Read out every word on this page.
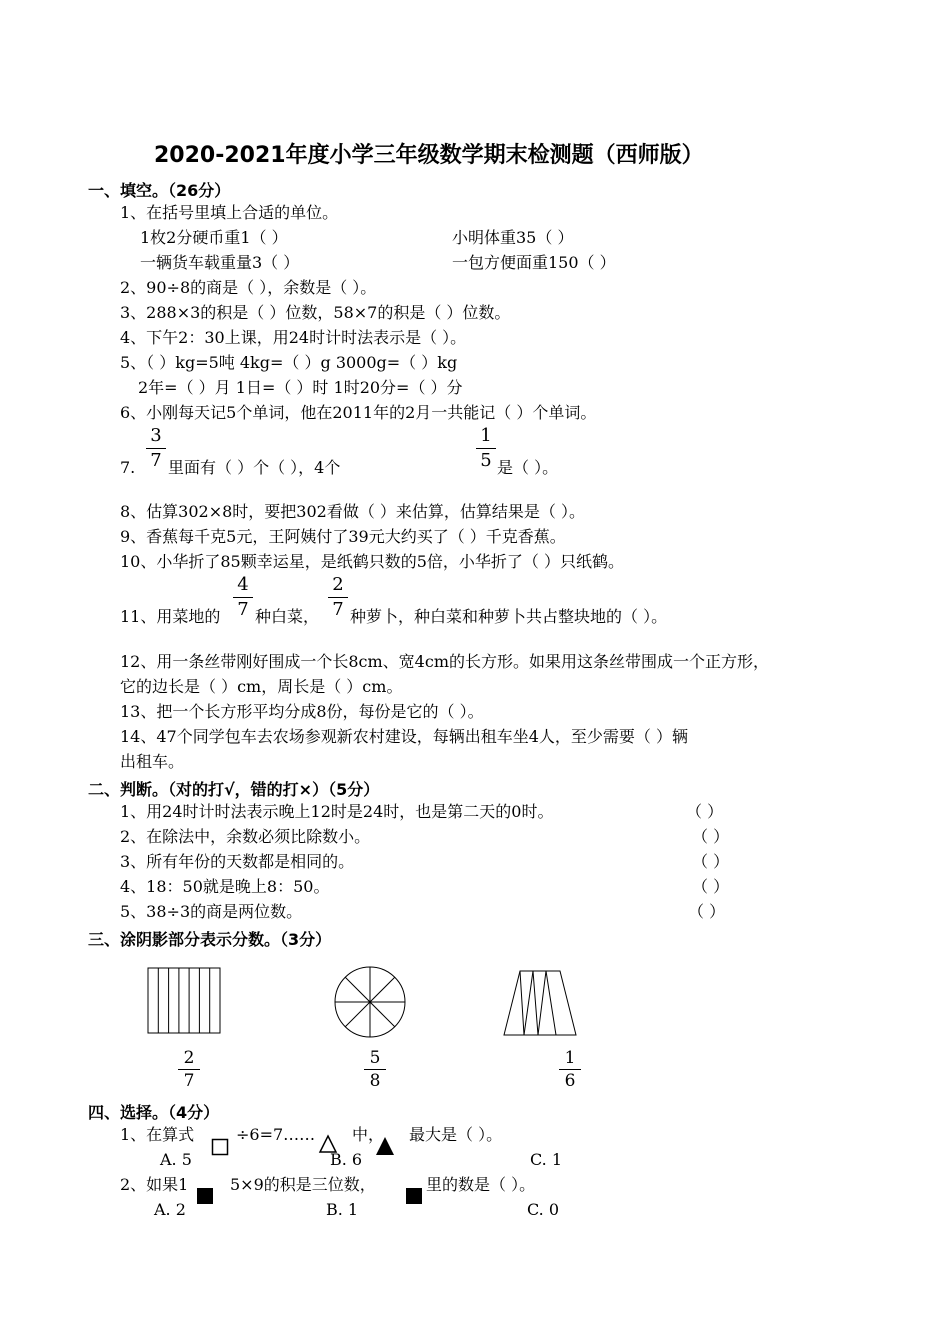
2020-2021年度小学三年级数学期末检测题（西师版）
一、填空。（26分）
1、在括号里填上合适的单位。
1枚2分硬币重1（ ）	小明体重35（ ）
一辆货车载重量3（ ）	一包方便面重150（ ）
2、90÷8的商是（ ），余数是（ ）。
3、288×3的积是（ ）位数，58×7的积是（ ）位数。
4、下午2：30上课，用24时计时法表示是（ ）。
5、（ ）kg=5吨 4kg=（ ）g 3000g=（ ）kg
2年=（ ）月 1日=（ ）时 1时20分=（ ）分
6、小刚每天记5个单词，他在2011年的2月一共能记（ ）个单词。
7.
3
7 里面有（ ）个（ ），4个
1
5 是（ ）。
8、估算302×8时，要把302看做（ ）来估算，估算结果是（ ）。
9、香蕉每千克5元，王阿姨付了39元大约买了（ ）千克香蕉。
10、小华折了85颗幸运星，是纸鹤只数的5倍，小华折了（ ）只纸鹤。
11、用菜地的
4
7 种白菜，
2
7 种萝卜，种白菜和种萝卜共占整块地的（ ）。
12、用一条丝带刚好围成一个长8cm、宽4cm的长方形。如果用这条丝带围成一个正方形，
它的边长是（ ）cm，周长是（ ）cm。
13、把一个长方形平均分成8份，每份是它的（ ）。
14、47个同学包车去农场参观新农村建设，每辆出租车坐4人，至少需要（ ）辆
出租车。
二、判断。（对的打√，错的打×）（5分）
1、用24时计时法表示晚上12时是24时，也是第二天的0时。	（ ）
2、在除法中，余数必须比除数小。	（ ）
3、所有年份的天数都是相同的。	（ ）
4、18：50就是晚上8：50。	（ ）
5、38÷3的商是两位数。	（ ）
三、涂阴影部分表示分数。（3分）
2
7
5
8
1
6
四、选择。（4分）
1、在算式	÷6=7…… 中， 最大是（ ）。
A. 5	B. 6	C. 1
2、如果1	5×9的积是三位数，	里的数是（ ）。
A. 2	B. 1	C. 0
